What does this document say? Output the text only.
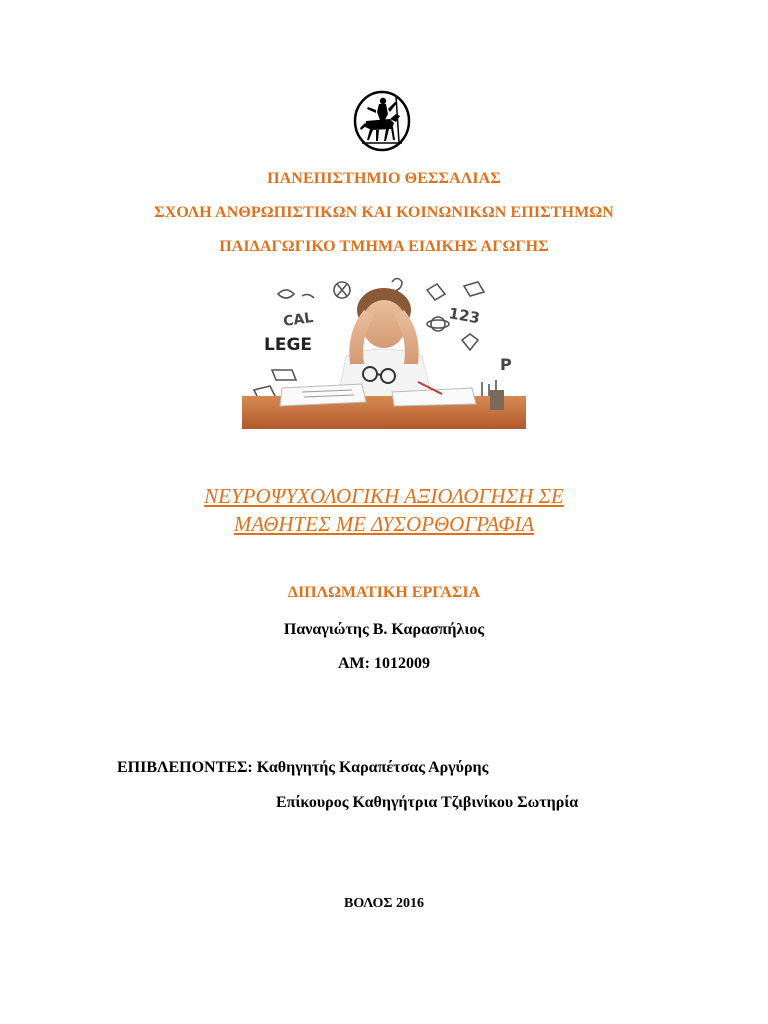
ΠΑΝΕΠΙΣΤΗΜΙΟ ΘΕΣΣΑΛΙΑΣ
ΣΧΟΛΗ ΑΝΘΡΩΠΙΣΤΙΚΩΝ ΚΑΙ ΚΟΙΝΩΝΙΚΩΝ ΕΠΙΣΤΗΜΩΝ
ΠΑΙΔΑΓΩΓΙΚΟ ΤΜΗΜΑ ΕΙΔΙΚΗΣ ΑΓΩΓΗΣ
CAL
LEGE
123
P
ΝΕΥΡΟΨΥΧΟΛΟΓΙΚΗ ΑΞΙΟΛΟΓΗΣΗ ΣΕ
ΜΑΘΗΤΕΣ ΜΕ ΔΥΣΟΡΘΟΓΡΑΦΙΑ
ΔΙΠΛΩΜΑΤΙΚΗ ΕΡΓΑΣΙΑ
Παναγιώτης Β. Καρασπήλιος
ΑΜ: 1012009
ΕΠΙΒΛΕΠΟΝΤΕΣ: Καθηγητής Καραπέτσας Αργύρης
Επίκουρος Καθηγήτρια Τζιβινίκου Σωτηρία
ΒΟΛΟΣ 2016
